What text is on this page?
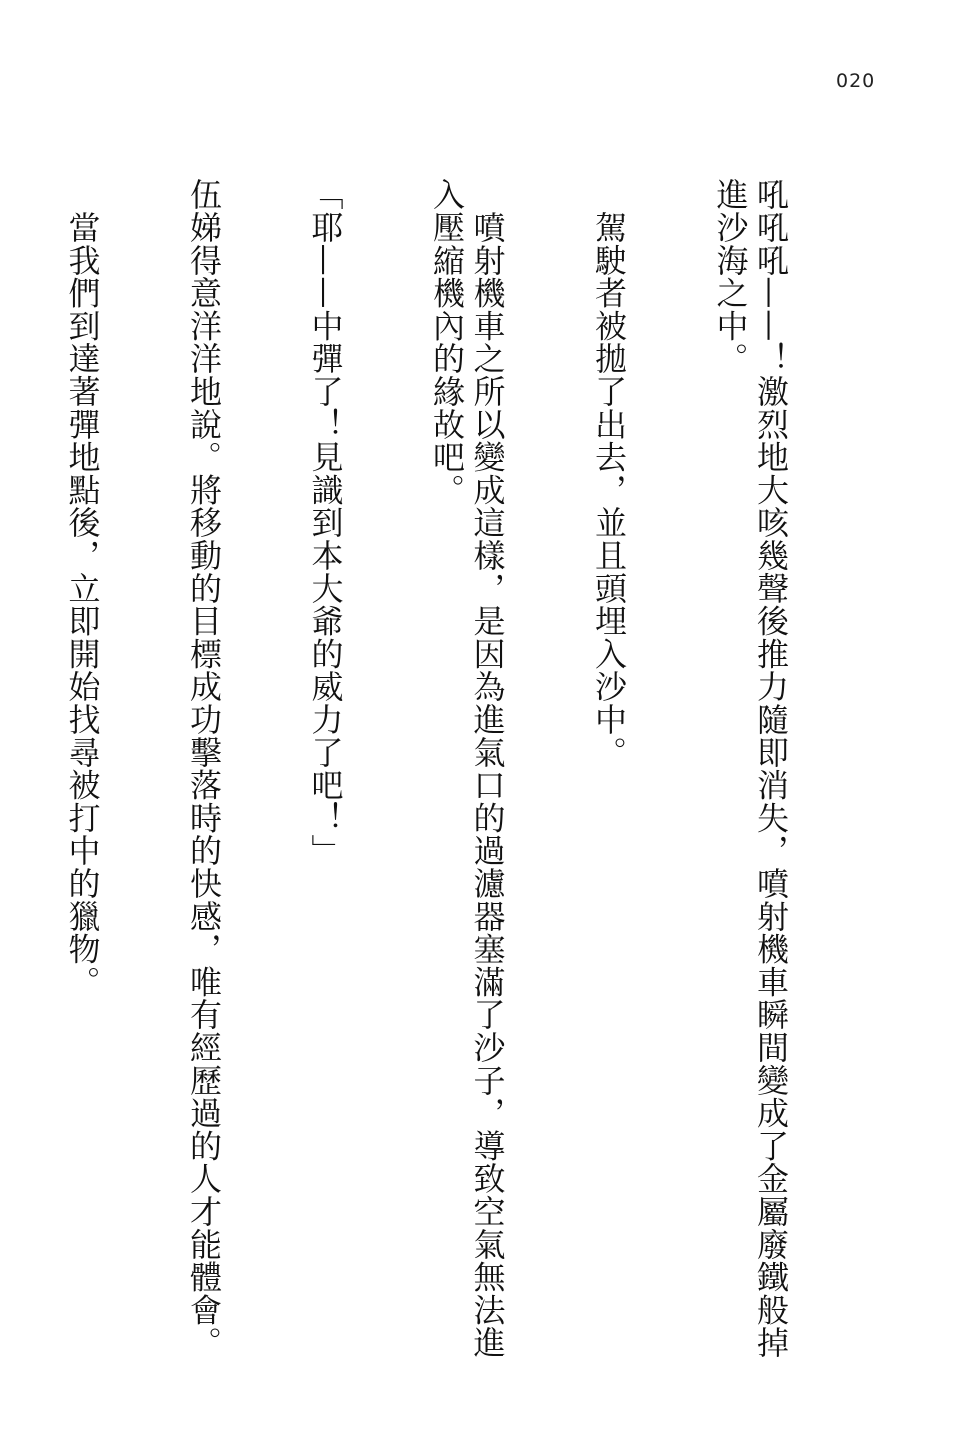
020

吼吼吼——！激烈地大咳幾聲後推力隨即消失，噴射機車瞬間變成了金屬廢鐵般掉進沙海之中。

　駕駛者被拋了出去，並且頭埋入沙中。

　噴射機車之所以變成這樣，是因為進氣口的過濾器塞滿了沙子，導致空氣無法進入壓縮機內的緣故吧。

「耶——中彈了！見識到本大爺的威力了吧！」

伍娣得意洋洋地說。將移動的目標成功擊落時的快感，唯有經歷過的人才能體會。

　當我們到達著彈地點後，立即開始找尋被打中的獵物。
